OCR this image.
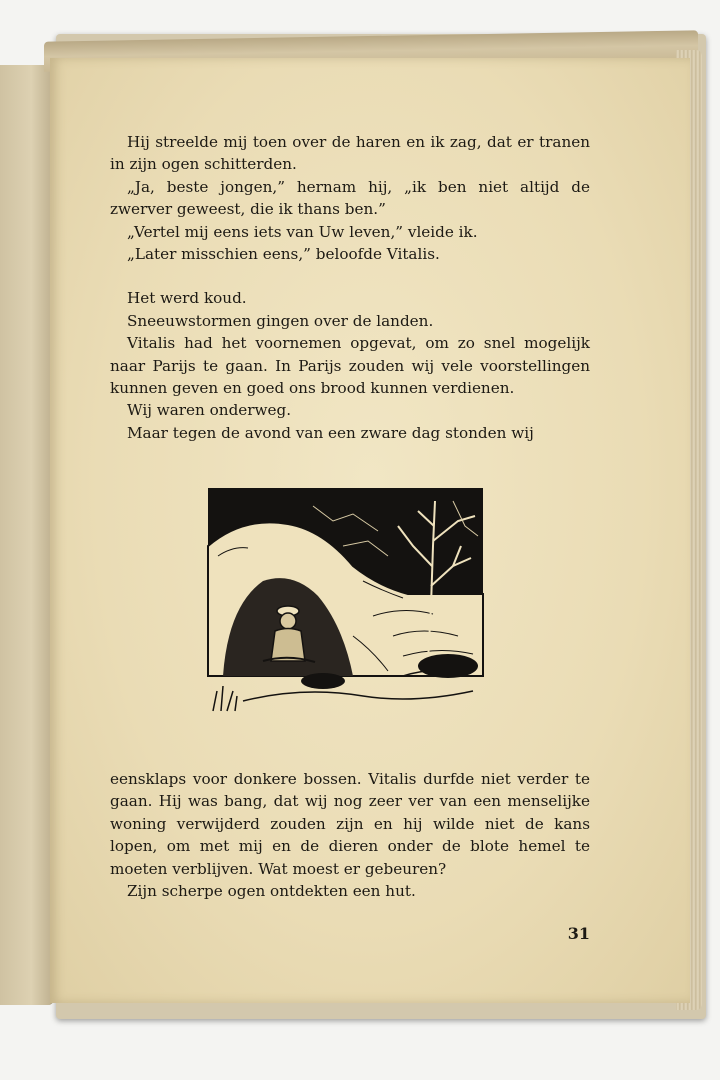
Hij streelde mij toen over de haren en ik zag, dat er tranen in zijn ogen schitterden.

„Ja, beste jongen,” hernam hij, „ik ben niet altijd de zwerver geweest, die ik thans ben.”

„Vertel mij eens iets van Uw leven,” vleide ik.

„Later misschien eens,” beloofde Vitalis.

Het werd koud.

Sneeuwstormen gingen over de landen.

Vitalis had het voornemen opgevat, om zo snel mogelijk naar Parijs te gaan. In Parijs zouden wij vele voorstellingen kunnen geven en goed ons brood kunnen verdienen.

Wij waren onderweg.

Maar tegen de avond van een zware dag stonden wij

eensklaps voor donkere bossen. Vitalis durfde niet verder te gaan. Hij was bang, dat wij nog zeer ver van een menselijke woning verwijderd zouden zijn en hij wilde niet de kans lopen, om met mij en de dieren onder de blote hemel te moeten verblijven. Wat moest er gebeuren?

Zijn scherpe ogen ontdekten een hut.

31
